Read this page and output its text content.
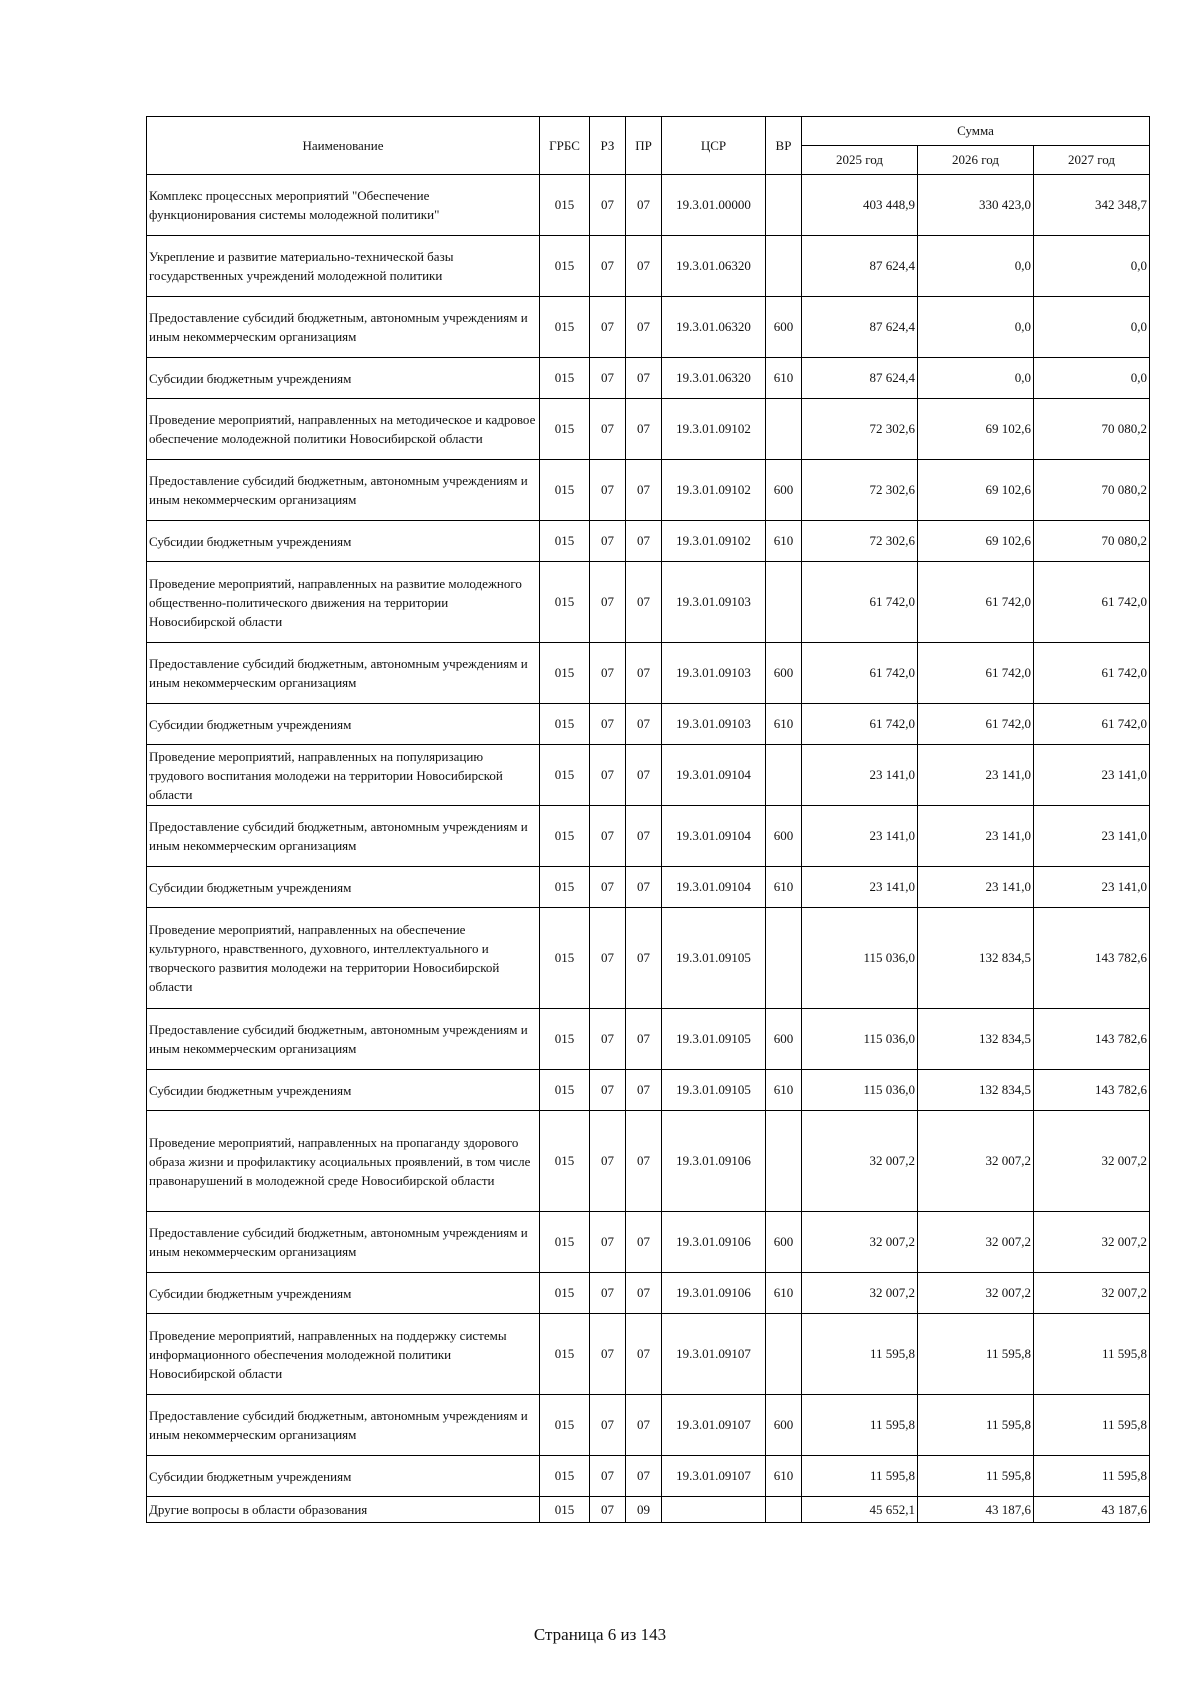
Наименование	ГРБС	РЗ	ПР	ЦСР	ВР	Сумма		
						2025 год	2026 год	2027 год
Комплекс процессных мероприятий "Обеспечение функционирования системы молодежной политики"	015	07	07	19.3.01.00000		403 448,9	330 423,0	342 348,7
Укрепление и развитие материально-технической базы государственных учреждений молодежной политики	015	07	07	19.3.01.06320		87 624,4	0,0	0,0
Предоставление субсидий бюджетным, автономным учреждениям и иным некоммерческим организациям	015	07	07	19.3.01.06320	600	87 624,4	0,0	0,0
Субсидии бюджетным учреждениям	015	07	07	19.3.01.06320	610	87 624,4	0,0	0,0
Проведение мероприятий, направленных на методическое и кадровое обеспечение молодежной политики Новосибирской области	015	07	07	19.3.01.09102		72 302,6	69 102,6	70 080,2
Предоставление субсидий бюджетным, автономным учреждениям и иным некоммерческим организациям	015	07	07	19.3.01.09102	600	72 302,6	69 102,6	70 080,2
Субсидии бюджетным учреждениям	015	07	07	19.3.01.09102	610	72 302,6	69 102,6	70 080,2
Проведение мероприятий, направленных на развитие молодежного общественно-политического движения на территории Новосибирской области	015	07	07	19.3.01.09103		61 742,0	61 742,0	61 742,0
Предоставление субсидий бюджетным, автономным учреждениям и иным некоммерческим организациям	015	07	07	19.3.01.09103	600	61 742,0	61 742,0	61 742,0
Субсидии бюджетным учреждениям	015	07	07	19.3.01.09103	610	61 742,0	61 742,0	61 742,0
Проведение мероприятий, направленных на популяризацию трудового воспитания молодежи на территории Новосибирской области	015	07	07	19.3.01.09104		23 141,0	23 141,0	23 141,0
Предоставление субсидий бюджетным, автономным учреждениям и иным некоммерческим организациям	015	07	07	19.3.01.09104	600	23 141,0	23 141,0	23 141,0
Субсидии бюджетным учреждениям	015	07	07	19.3.01.09104	610	23 141,0	23 141,0	23 141,0
Проведение мероприятий, направленных на обеспечение культурного, нравственного, духовного, интеллектуального и творческого развития молодежи на территории Новосибирской области	015	07	07	19.3.01.09105		115 036,0	132 834,5	143 782,6
Предоставление субсидий бюджетным, автономным учреждениям и иным некоммерческим организациям	015	07	07	19.3.01.09105	600	115 036,0	132 834,5	143 782,6
Субсидии бюджетным учреждениям	015	07	07	19.3.01.09105	610	115 036,0	132 834,5	143 782,6
Проведение мероприятий, направленных на пропаганду здорового образа жизни и профилактику асоциальных проявлений, в том числе правонарушений в молодежной среде Новосибирской области	015	07	07	19.3.01.09106		32 007,2	32 007,2	32 007,2
Предоставление субсидий бюджетным, автономным учреждениям и иным некоммерческим организациям	015	07	07	19.3.01.09106	600	32 007,2	32 007,2	32 007,2
Субсидии бюджетным учреждениям	015	07	07	19.3.01.09106	610	32 007,2	32 007,2	32 007,2
Проведение мероприятий, направленных на поддержку системы информационного обеспечения молодежной политики Новосибирской области	015	07	07	19.3.01.09107		11 595,8	11 595,8	11 595,8
Предоставление субсидий бюджетным, автономным учреждениям и иным некоммерческим организациям	015	07	07	19.3.01.09107	600	11 595,8	11 595,8	11 595,8
Субсидии бюджетным учреждениям	015	07	07	19.3.01.09107	610	11 595,8	11 595,8	11 595,8
Другие вопросы в области образования	015	07	09			45 652,1	43 187,6	43 187,6
Страница 6 из 143
